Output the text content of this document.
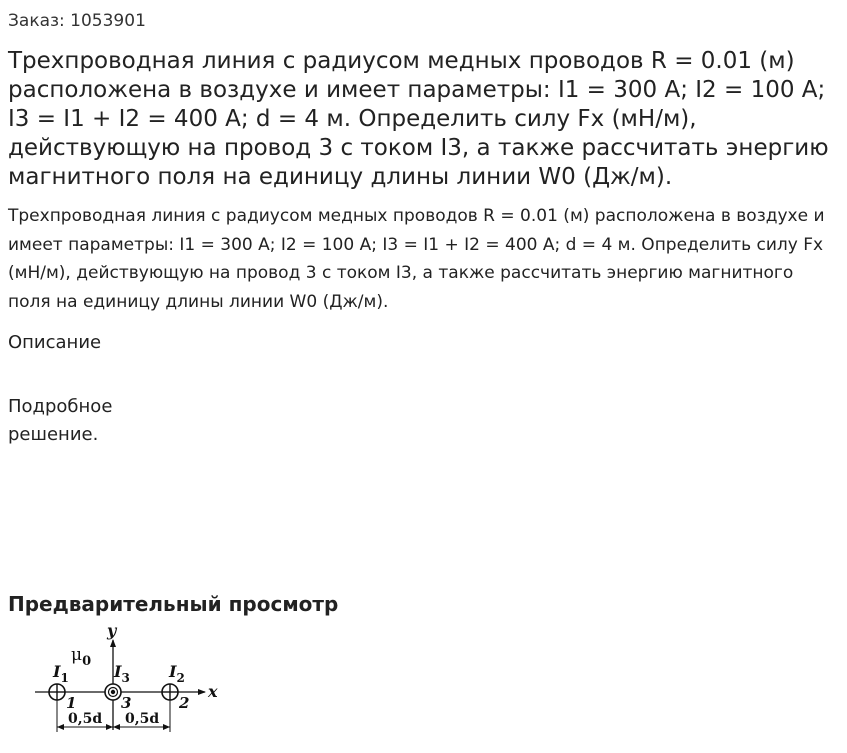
Заказ: 1053901
Трехпроводная линия с радиусом медных проводов R = 0.01 (м) расположена в воздухе и имеет параметры: I1 = 300 А; I2 = 100 А; I3 = I1 + I2 = 400 А; d = 4 м. Определить силу Fx (мН/м), действующую на провод 3 с током I3, а также рассчитать энергию магнитного поля на единицу длины линии W0 (Дж/м).

Трехпроводная линия с радиусом медных проводов R = 0.01 (м) расположена в воздухе и имеет параметры: I1 = 300 А; I2 = 100 А; I3 = I1 + I2 = 400 А; d = 4 м. Определить силу Fx (мН/м), действующую на провод 3 с током I3, а также рассчитать энергию магнитного поля на единицу длины линии W0 (Дж/м).

Описание
Подробное решение.
Предварительный просмотр
x
y
$\mu_0$
$I_1$
1
$I_3$
3
$I_2$
2
0,5d 0,5d
